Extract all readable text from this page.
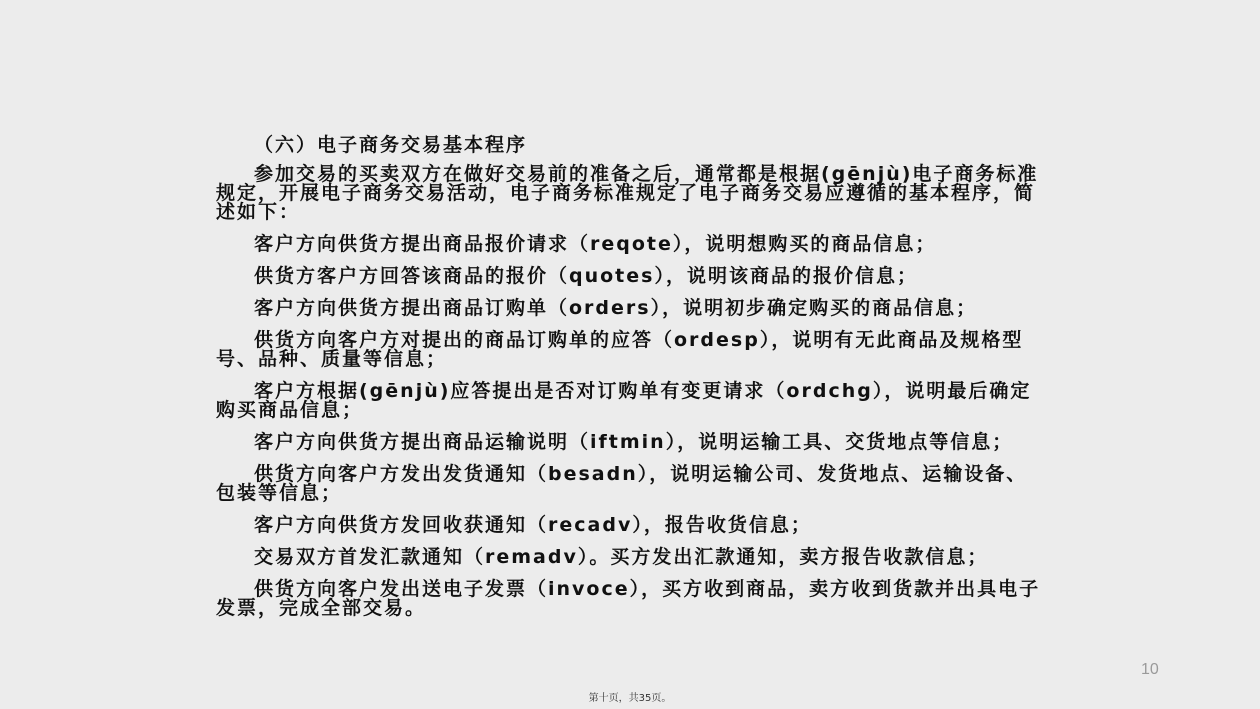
（六）电子商务交易基本程序

参加交易的买卖双方在做好交易前的准备之后，通常都是根据(gēnjù)电子商务标准规定，开展电子商务交易活动，电子商务标准规定了电子商务交易应遵循的基本程序，简述如下：

客户方向供货方提出商品报价请求（reqote），说明想购买的商品信息；

供货方客户方回答该商品的报价（quotes），说明该商品的报价信息；

客户方向供货方提出商品订购单（orders），说明初步确定购买的商品信息；

供货方向客户方对提出的商品订购单的应答（ordesp），说明有无此商品及规格型号、品种、质量等信息；

客户方根据(gēnjù)应答提出是否对订购单有变更请求（ordchg），说明最后确定购买商品信息；

客户方向供货方提出商品运输说明（iftmin），说明运输工具、交货地点等信息；

供货方向客户方发出发货通知（besadn），说明运输公司、发货地点、运输设备、包装等信息；

客户方向供货方发回收获通知（recadv），报告收货信息；

交易双方首发汇款通知（remadv）。买方发出汇款通知，卖方报告收款信息；

供货方向客户发出送电子发票（invoce），买方收到商品，卖方收到货款并出具电子发票，完成全部交易。

10
第十页，共35页。
